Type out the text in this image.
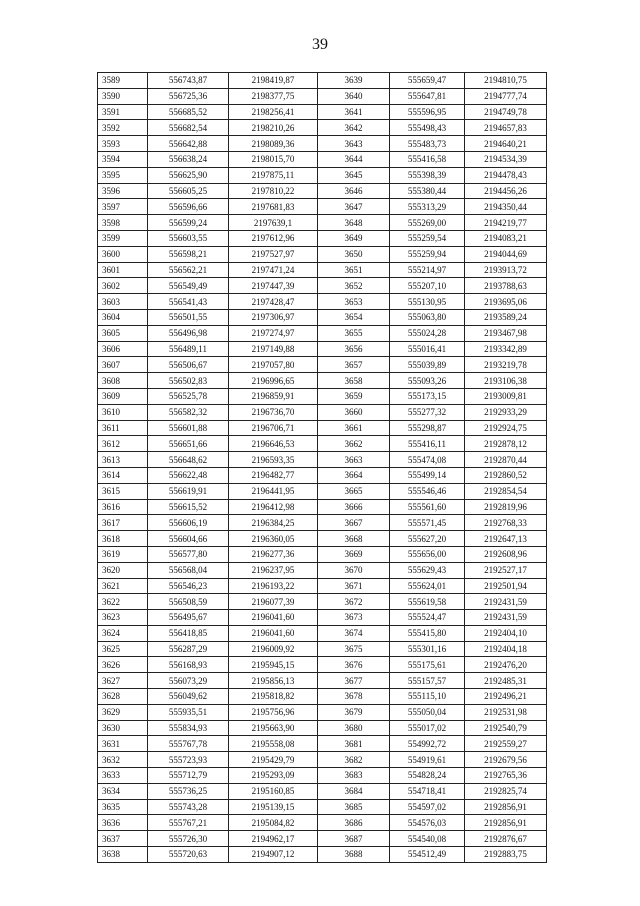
39
3589	556743,87	2198419,87	3639	555659,47	2194810,75
3590	556725,36	2198377,75	3640	555647,81	2194777,74
3591	556685,52	2198256,41	3641	555596,95	2194749,78
3592	556682,54	2198210,26	3642	555498,43	2194657,83
3593	556642,88	2198089,36	3643	555483,73	2194640,21
3594	556638,24	2198015,70	3644	555416,58	2194534,39
3595	556625,90	2197875,11	3645	555398,39	2194478,43
3596	556605,25	2197810,22	3646	555380,44	2194456,26
3597	556596,66	2197681,83	3647	555313,29	2194350,44
3598	556599,24	2197639,1	3648	555269,00	2194219,77
3599	556603,55	2197612,96	3649	555259,54	2194083,21
3600	556598,21	2197527,97	3650	555259,94	2194044,69
3601	556562,21	2197471,24	3651	555214,97	2193913,72
3602	556549,49	2197447,39	3652	555207,10	2193788,63
3603	556541,43	2197428,47	3653	555130,95	2193695,06
3604	556501,55	2197306,97	3654	555063,80	2193589,24
3605	556496,98	2197274,97	3655	555024,28	2193467,98
3606	556489,11	2197149,88	3656	555016,41	2193342,89
3607	556506,67	2197057,80	3657	555039,89	2193219,78
3608	556502,83	2196996,65	3658	555093,26	2193106,38
3609	556525,78	2196859,91	3659	555173,15	2193009,81
3610	556582,32	2196736,70	3660	555277,32	2192933,29
3611	556601,88	2196706,71	3661	555298,87	2192924,75
3612	556651,66	2196646,53	3662	555416,11	2192878,12
3613	556648,62	2196593,35	3663	555474,08	2192870,44
3614	556622,48	2196482,77	3664	555499,14	2192860,52
3615	556619,91	2196441,95	3665	555546,46	2192854,54
3616	556615,52	2196412,98	3666	555561,60	2192819,96
3617	556606,19	2196384,25	3667	555571,45	2192768,33
3618	556604,66	2196360,05	3668	555627,20	2192647,13
3619	556577,80	2196277,36	3669	555656,00	2192608,96
3620	556568,04	2196237,95	3670	555629,43	2192527,17
3621	556546,23	2196193,22	3671	555624,01	2192501,94
3622	556508,59	2196077,39	3672	555619,58	2192431,59
3623	556495,67	2196041,60	3673	555524,47	2192431,59
3624	556418,85	2196041,60	3674	555415,80	2192404,10
3625	556287,29	2196009,92	3675	555301,16	2192404,18
3626	556168,93	2195945,15	3676	555175,61	2192476,20
3627	556073,29	2195856,13	3677	555157,57	2192485,31
3628	556049,62	2195818,82	3678	555115,10	2192496,21
3629	555935,51	2195756,96	3679	555050,04	2192531,98
3630	555834,93	2195663,90	3680	555017,02	2192540,79
3631	555767,78	2195558,08	3681	554992,72	2192559,27
3632	555723,93	2195429,79	3682	554919,61	2192679,56
3633	555712,79	2195293,09	3683	554828,24	2192765,36
3634	555736,25	2195160,85	3684	554718,41	2192825,74
3635	555743,28	2195139,15	3685	554597,02	2192856,91
3636	555767,21	2195084,82	3686	554576,03	2192856,91
3637	555726,30	2194962,17	3687	554540,08	2192876,67
3638	555720,63	2194907,12	3688	554512,49	2192883,75
